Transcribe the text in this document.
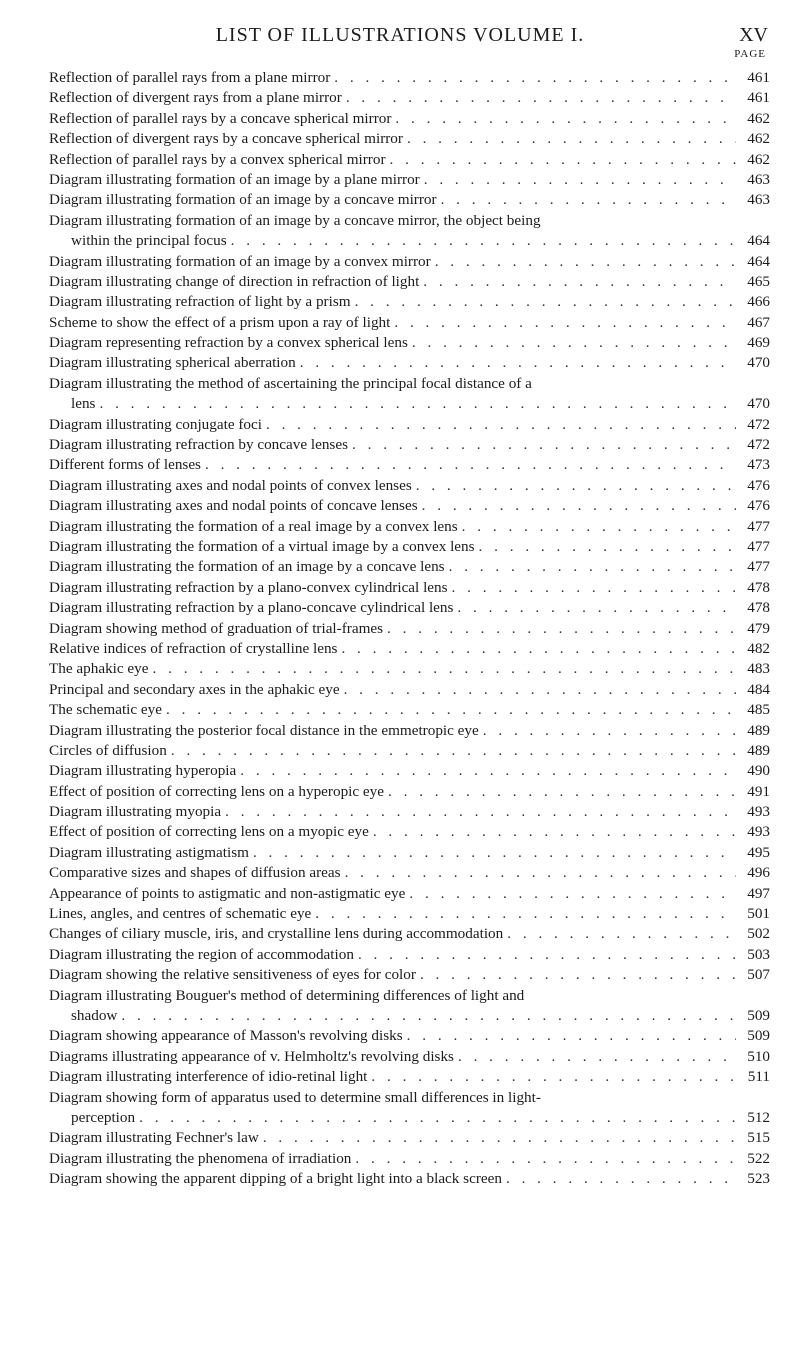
LIST OF ILLUSTRATIONS VOLUME I.	XV
PAGE
Reflection of parallel rays from a plane mirror . . .	461
Reflection of divergent rays from a plane mirror . . .	461
Reflection of parallel rays by a concave spherical mirror . . .	462
Reflection of divergent rays by a concave spherical mirror . . .	462
Reflection of parallel rays by a convex spherical mirror . . .	462
Diagram illustrating formation of an image by a plane mirror . . .	463
Diagram illustrating formation of an image by a concave mirror . . .	463
Diagram illustrating formation of an image by a concave mirror, the object being
within the principal focus . . .	464
Diagram illustrating formation of an image by a convex mirror . . .	464
Diagram illustrating change of direction in refraction of light . . .	465
Diagram illustrating refraction of light by a prism . . .	466
Scheme to show the effect of a prism upon a ray of light . . .	467
Diagram representing refraction by a convex spherical lens . . .	469
Diagram illustrating spherical aberration . . .	470
Diagram illustrating the method of ascertaining the principal focal distance of a
lens . . .	470
Diagram illustrating conjugate foci . . .	472
Diagram illustrating refraction by concave lenses . . .	472
Different forms of lenses . . .	473
Diagram illustrating axes and nodal points of convex lenses . . .	476
Diagram illustrating axes and nodal points of concave lenses . . .	476
Diagram illustrating the formation of a real image by a convex lens . . .	477
Diagram illustrating the formation of a virtual image by a convex lens . . .	477
Diagram illustrating the formation of an image by a concave lens . . .	477
Diagram illustrating refraction by a plano-convex cylindrical lens . . .	478
Diagram illustrating refraction by a plano-concave cylindrical lens . . .	478
Diagram showing method of graduation of trial-frames . . .	479
Relative indices of refraction of crystalline lens . . .	482
The aphakic eye . . .	483
Principal and secondary axes in the aphakic eye . . .	484
The schematic eye . . .	485
Diagram illustrating the posterior focal distance in the emmetropic eye . . .	489
Circles of diffusion . . .	489
Diagram illustrating hyperopia . . .	490
Effect of position of correcting lens on a hyperopic eye . . .	491
Diagram illustrating myopia . . .	493
Effect of position of correcting lens on a myopic eye . . .	493
Diagram illustrating astigmatism . . .	495
Comparative sizes and shapes of diffusion areas . . .	496
Appearance of points to astigmatic and non-astigmatic eye . . .	497
Lines, angles, and centres of schematic eye . . .	501
Changes of ciliary muscle, iris, and crystalline lens during accommodation . . .	502
Diagram illustrating the region of accommodation . . .	503
Diagram showing the relative sensitiveness of eyes for color . . .	507
Diagram illustrating Bouguer's method of determining differences of light and
shadow . . .	509
Diagram showing appearance of Masson's revolving disks . . .	509
Diagrams illustrating appearance of v. Helmholtz's revolving disks . . .	510
Diagram illustrating interference of idio-retinal light . . .	511
Diagram showing form of apparatus used to determine small differences in light-
perception . . .	512
Diagram illustrating Fechner's law . . .	515
Diagram illustrating the phenomena of irradiation . . .	522
Diagram showing the apparent dipping of a bright light into a black screen . . .	523
